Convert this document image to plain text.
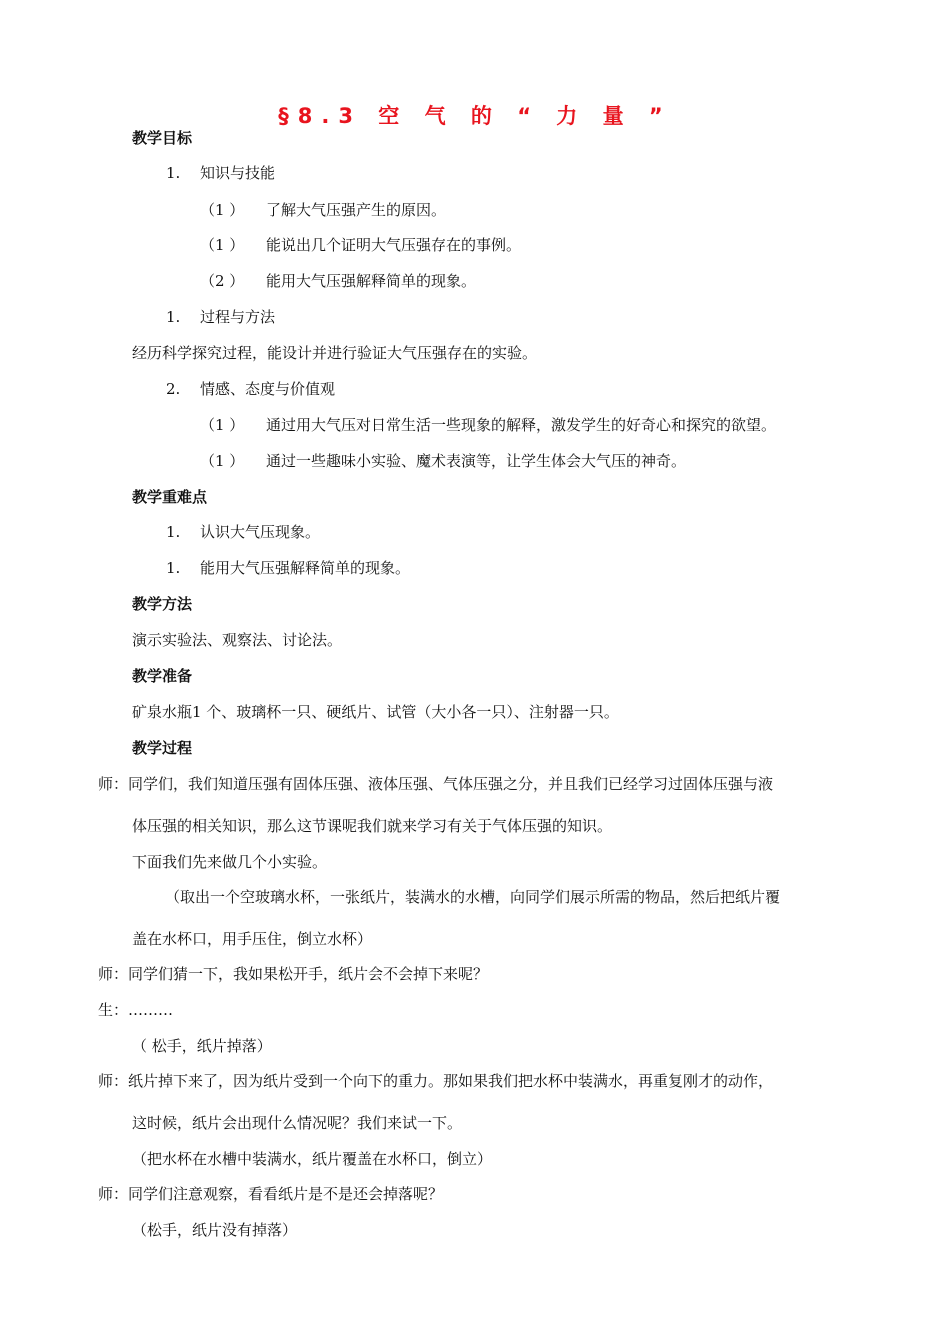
§8.3 空 气 的 “ 力 量 ”
教学目标
1. 知识与技能
（1 ） 了解大气压强产生的原因。
（1 ） 能说出几个证明大气压强存在的事例。
（2 ） 能用大气压强解释简单的现象。
1. 过程与方法
经历科学探究过程，能设计并进行验证大气压强存在的实验。
2. 情感、态度与价值观
（1 ） 通过用大气压对日常生活一些现象的解释，激发学生的好奇心和探究的欲望。
（1 ） 通过一些趣味小实验、魔术表演等，让学生体会大气压的神奇。
教学重难点
1. 认识大气压现象。
1. 能用大气压强解释简单的现象。
教学方法
演示实验法、观察法、讨论法。
教学准备
矿泉水瓶1 个、玻璃杯一只、硬纸片、试管（大小各一只）、注射器一只。
教学过程
师：同学们，我们知道压强有固体压强、液体压强、气体压强之分，并且我们已经学习过固体压强与液
体压强的相关知识，那么这节课呢我们就来学习有关于气体压强的知识。
下面我们先来做几个小实验。
（取出一个空玻璃水杯，一张纸片，装满水的水槽，向同学们展示所需的物品，然后把纸片覆
盖在水杯口，用手压住，倒立水杯）
师：同学们猜一下，我如果松开手，纸片会不会掉下来呢？
生：………
（ 松手，纸片掉落）
师：纸片掉下来了，因为纸片受到一个向下的重力。那如果我们把水杯中装满水，再重复刚才的动作，
这时候，纸片会出现什么情况呢？我们来试一下。
（把水杯在水槽中装满水，纸片覆盖在水杯口，倒立）
师：同学们注意观察，看看纸片是不是还会掉落呢？
（松手，纸片没有掉落）
